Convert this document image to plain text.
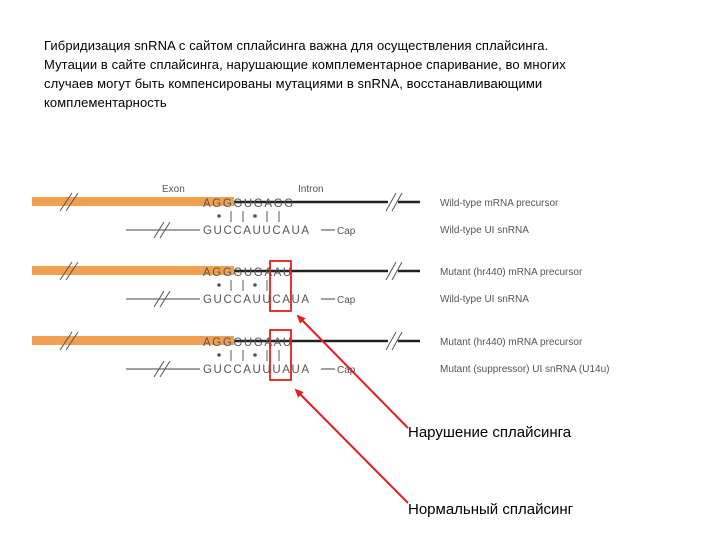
Гибридизация snRNA с сайтом сплайсинга важна для осуществления сплайсинга.
Мутации в сайте сплайсинга, нарушающие комплементарное спаривание, во многих
случаев могут быть компенсированы мутациями в snRNA, восстанавливающими
комплементарность
Exon	Intron
AGGGUGAGG
GUCCAUUCAUA	Cap
Wild-type mRNA precursor
Wild-type UI snRNA
AGGGUGAAU
GUCCAUUCAUA	Cap
Mutant (hr440) mRNA precursor
Wild-type UI snRNA
AGGGUGAAU
GUCCAUUUAUA	Cap
Mutant (hr440) mRNA precursor
Mutant (suppressor) UI snRNA (U14u)
Нарушение сплайсинга
Нормальный сплайсинг
